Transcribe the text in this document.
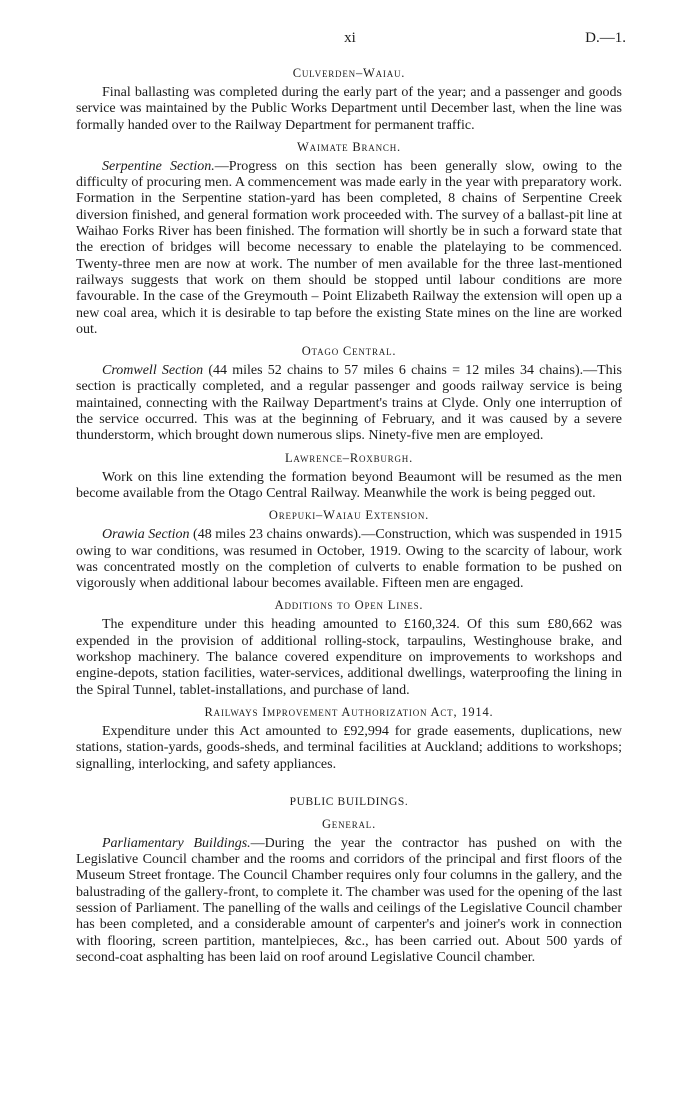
xi	D.—1.
Culverden–Waiau.

Final ballasting was completed during the early part of the year; and a passenger and goods service was maintained by the Public Works Department until December last, when the line was formally handed over to the Railway Department for permanent traffic.

Waimate Branch.

Serpentine Section.—Progress on this section has been generally slow, owing to the difficulty of procuring men. A commencement was made early in the year with preparatory work. Formation in the Serpentine station-yard has been completed, 8 chains of Serpentine Creek diversion finished, and general formation work proceeded with. The survey of a ballast-pit line at Waihao Forks River has been finished. The formation will shortly be in such a forward state that the erection of bridges will become necessary to enable the platelaying to be commenced. Twenty-three men are now at work. The number of men available for the three last-mentioned railways suggests that work on them should be stopped until labour conditions are more favourable. In the case of the Greymouth – Point Elizabeth Railway the extension will open up a new coal area, which it is desirable to tap before the existing State mines on the line are worked out.

Otago Central.

Cromwell Section (44 miles 52 chains to 57 miles 6 chains = 12 miles 34 chains).—This section is practically completed, and a regular passenger and goods railway service is being maintained, connecting with the Railway Department's trains at Clyde. Only one interruption of the service occurred. This was at the beginning of February, and it was caused by a severe thunderstorm, which brought down numerous slips. Ninety-five men are employed.

Lawrence–Roxburgh.

Work on this line extending the formation beyond Beaumont will be resumed as the men become available from the Otago Central Railway. Meanwhile the work is being pegged out.

Orepuki–Waiau Extension.

Orawia Section (48 miles 23 chains onwards).—Construction, which was suspended in 1915 owing to war conditions, was resumed in October, 1919. Owing to the scarcity of labour, work was concentrated mostly on the completion of culverts to enable formation to be pushed on vigorously when additional labour becomes available. Fifteen men are engaged.

Additions to Open Lines.

The expenditure under this heading amounted to £160,324. Of this sum £80,662 was expended in the provision of additional rolling-stock, tarpaulins, Westinghouse brake, and workshop machinery. The balance covered expenditure on improvements to workshops and engine-depots, station facilities, water-services, additional dwellings, waterproofing the lining in the Spiral Tunnel, tablet-installations, and purchase of land.

Railways Improvement Authorization Act, 1914.

Expenditure under this Act amounted to £92,994 for grade easements, duplications, new stations, station-yards, goods-sheds, and terminal facilities at Auckland; additions to workshops; signalling, interlocking, and safety appliances.

PUBLIC BUILDINGS.
General.

Parliamentary Buildings.—During the year the contractor has pushed on with the Legislative Council chamber and the rooms and corridors of the principal and first floors of the Museum Street frontage. The Council Chamber requires only four columns in the gallery, and the balustrading of the gallery-front, to complete it. The chamber was used for the opening of the last session of Parliament. The panelling of the walls and ceilings of the Legislative Council chamber has been completed, and a considerable amount of carpenter's and joiner's work in connection with flooring, screen partition, mantelpieces, &c., has been carried out. About 500 yards of second-coat asphalting has been laid on roof around Legislative Council chamber.
